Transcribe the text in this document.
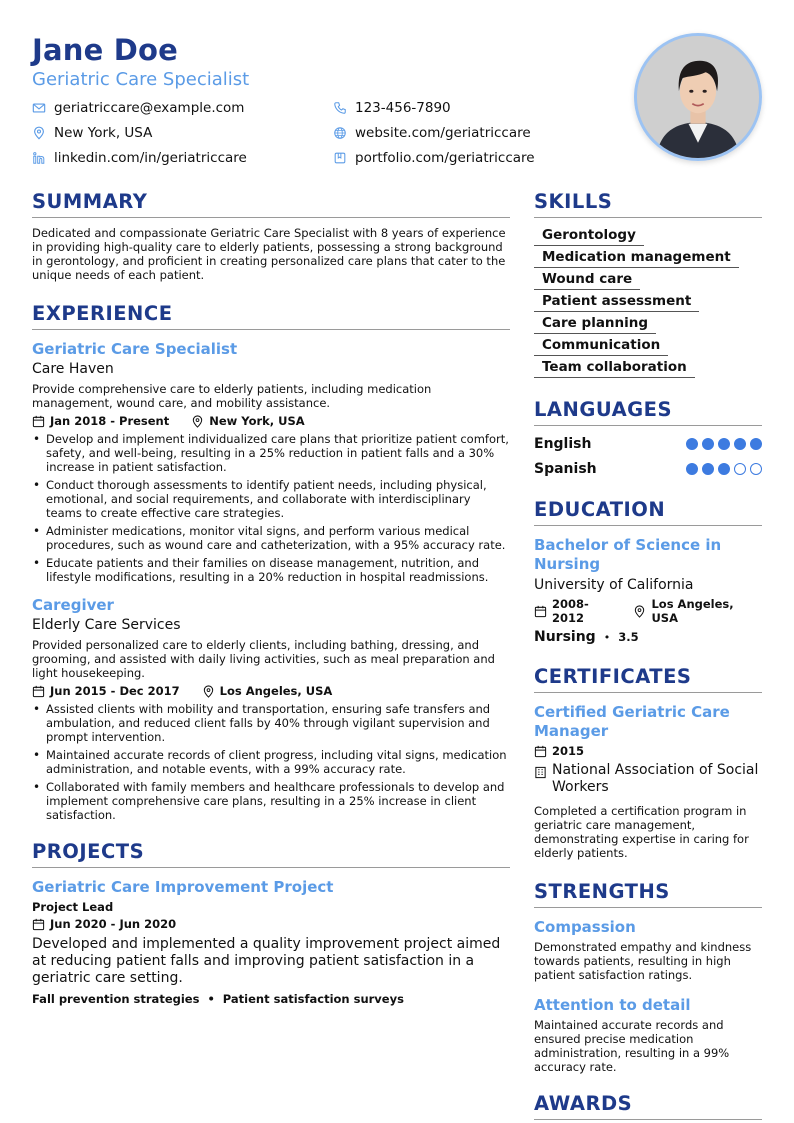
Jane Doe
Geriatric Care Specialist
geriatriccare@example.com	123-456-7890
New York, USA	website.com/geriatriccare
linkedin.com/in/geriatriccare	portfolio.com/geriatriccare
SUMMARY
Dedicated and compassionate Geriatric Care Specialist with 8 years of experience in providing high-quality care to elderly patients, possessing a strong background in gerontology, and proficient in creating personalized care plans that cater to the unique needs of each patient.
EXPERIENCE
Geriatric Care Specialist
Care Haven
Provide comprehensive care to elderly patients, including medication management, wound care, and mobility assistance.
Jan 2018 - Present	New York, USA
• Develop and implement individualized care plans that prioritize patient comfort, safety, and well-being, resulting in a 25% reduction in patient falls and a 30% increase in patient satisfaction.
• Conduct thorough assessments to identify patient needs, including physical, emotional, and social requirements, and collaborate with interdisciplinary teams to create effective care strategies.
• Administer medications, monitor vital signs, and perform various medical procedures, such as wound care and catheterization, with a 95% accuracy rate.
• Educate patients and their families on disease management, nutrition, and lifestyle modifications, resulting in a 20% reduction in hospital readmissions.
Caregiver
Elderly Care Services
Provided personalized care to elderly clients, including bathing, dressing, and grooming, and assisted with daily living activities, such as meal preparation and light housekeeping.
Jun 2015 - Dec 2017	Los Angeles, USA
• Assisted clients with mobility and transportation, ensuring safe transfers and ambulation, and reduced client falls by 40% through vigilant supervision and prompt intervention.
• Maintained accurate records of client progress, including vital signs, medication administration, and notable events, with a 99% accuracy rate.
• Collaborated with family members and healthcare professionals to develop and implement comprehensive care plans, resulting in a 25% increase in client satisfaction.
PROJECTS
Geriatric Care Improvement Project
Project Lead
Jun 2020 - Jun 2020
Developed and implemented a quality improvement project aimed at reducing patient falls and improving patient satisfaction in a geriatric care setting.
Fall prevention strategies • Patient satisfaction surveys
SKILLS
Gerontology
Medication management
Wound care
Patient assessment
Care planning
Communication
Team collaboration
LANGUAGES
English
Spanish
EDUCATION
Bachelor of Science in Nursing
University of California
2008-2012
Los Angeles, USA
Nursing • 3.5
CERTIFICATES
Certified Geriatric Care Manager
2015
National Association of Social Workers
Completed a certification program in geriatric care management, demonstrating expertise in caring for elderly patients.
STRENGTHS
Compassion
Demonstrated empathy and kindness towards patients, resulting in high patient satisfaction ratings.
Attention to detail
Maintained accurate records and ensured precise medication administration, resulting in a 99% accuracy rate.
AWARDS
